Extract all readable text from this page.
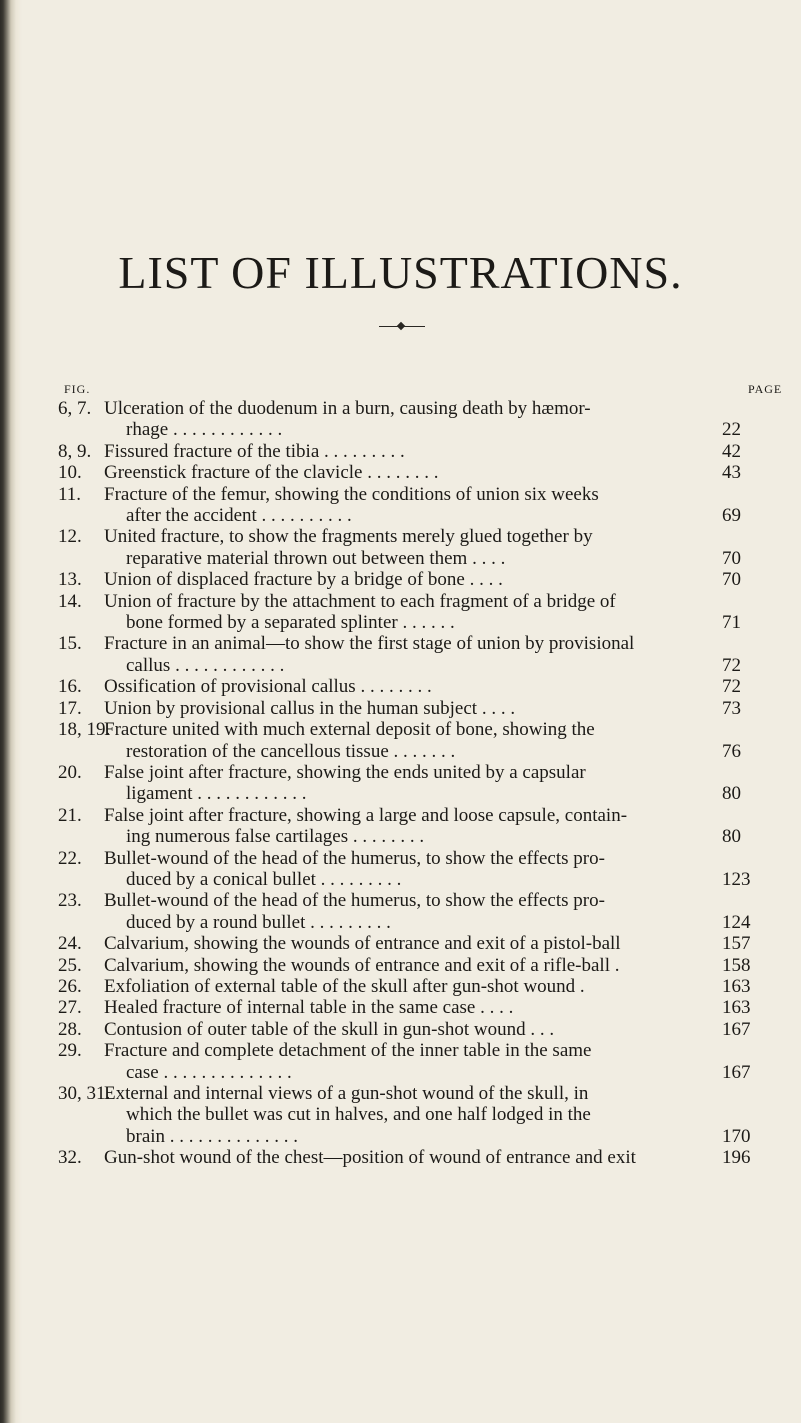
LIST OF ILLUSTRATIONS.
FIG.	PAGE
6, 7. Ulceration of the duodenum in a burn, causing death by hæmor-
rhage . . . . . . . . . . . .	22
8, 9. Fissured fracture of the tibia . . . . . . . . .	42
10. Greenstick fracture of the clavicle . . . . . . . .	43
11. Fracture of the femur, showing the conditions of union six weeks
after the accident . . . . . . . . . .	69
12. United fracture, to show the fragments merely glued together by
reparative material thrown out between them . . . .	70
13. Union of displaced fracture by a bridge of bone . . . .	70
14. Union of fracture by the attachment to each fragment of a bridge of
bone formed by a separated splinter . . . . . .	71
15. Fracture in an animal—to show the first stage of union by provisional
callus . . . . . . . . . . . .	72
16. Ossification of provisional callus . . . . . . . .	72
17. Union by provisional callus in the human subject . . . .	73
18, 19.
Fracture united with much external deposit of bone, showing the
restoration of the cancellous tissue . . . . . . .	76
20. False joint after fracture, showing the ends united by a capsular
ligament . . . . . . . . . . . .	80
21. False joint after fracture, showing a large and loose capsule, contain-
ing numerous false cartilages . . . . . . . .	80
22. Bullet-wound of the head of the humerus, to show the effects pro-
duced by a conical bullet . . . . . . . . .	123
23. Bullet-wound of the head of the humerus, to show the effects pro-
duced by a round bullet . . . . . . . . .	124
24. Calvarium, showing the wounds of entrance and exit of a pistol-ball	157
25. Calvarium, showing the wounds of entrance and exit of a rifle-ball .	158
26. Exfoliation of external table of the skull after gun-shot wound .	163
27. Healed fracture of internal table in the same case . . . .	163
28. Contusion of outer table of the skull in gun-shot wound . . .	167
29. Fracture and complete detachment of the inner table in the same
case . . . . . . . . . . . . . .	167
30, 31.
External and internal views of a gun-shot wound of the skull, in
which the bullet was cut in halves, and one half lodged in the
brain . . . . . . . . . . . . . .	170
32. Gun-shot wound of the chest—position of wound of entrance and exit	196
